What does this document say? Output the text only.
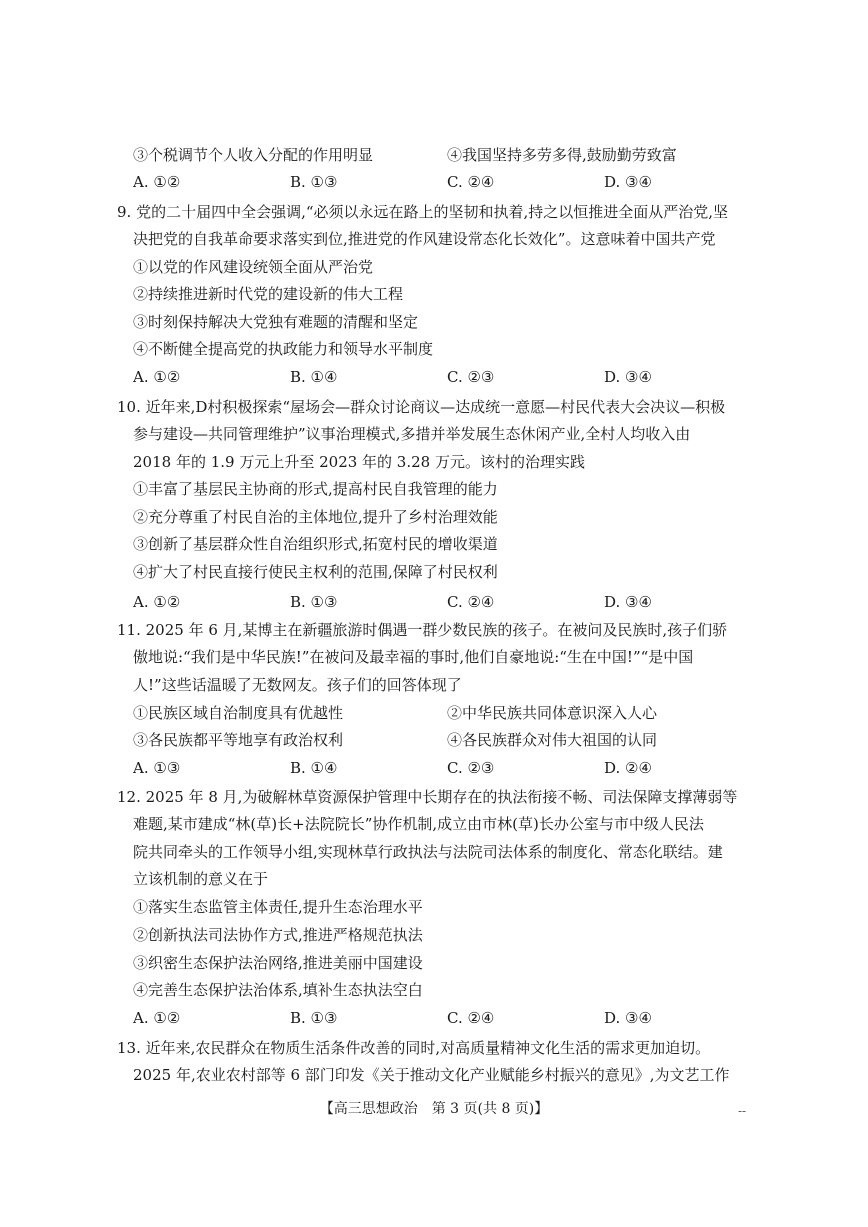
③个税调节个人收入分配的作用明显	④我国坚持多劳多得,鼓励勤劳致富
A. ①②	B. ①③	C. ②④	D. ③④
9. 党的二十届四中全会强调,“必须以永远在路上的坚韧和执着,持之以恒推进全面从严治党,坚
决把党的自我革命要求落实到位,推进党的作风建设常态化长效化”。这意味着中国共产党
①以党的作风建设统领全面从严治党
②持续推进新时代党的建设新的伟大工程
③时刻保持解决大党独有难题的清醒和坚定
④不断健全提高党的执政能力和领导水平制度
A. ①②	B. ①④	C. ②③	D. ③④
10. 近年来,D村积极探索“屋场会—群众讨论商议—达成统一意愿—村民代表大会决议—积极
参与建设—共同管理维护”议事治理模式,多措并举发展生态休闲产业,全村人均收入由
2018 年的 1.9 万元上升至 2023 年的 3.28 万元。该村的治理实践
①丰富了基层民主协商的形式,提高村民自我管理的能力
②充分尊重了村民自治的主体地位,提升了乡村治理效能
③创新了基层群众性自治组织形式,拓宽村民的增收渠道
④扩大了村民直接行使民主权利的范围,保障了村民权利
A. ①②	B. ①③	C. ②④	D. ③④
11. 2025 年 6 月,某博主在新疆旅游时偶遇一群少数民族的孩子。在被问及民族时,孩子们骄
傲地说:“我们是中华民族!”在被问及最幸福的事时,他们自豪地说:“生在中国!”“是中国
人!”这些话温暖了无数网友。孩子们的回答体现了
①民族区域自治制度具有优越性	②中华民族共同体意识深入人心
③各民族都平等地享有政治权利	④各民族群众对伟大祖国的认同
A. ①③	B. ①④	C. ②③	D. ②④
12. 2025 年 8 月,为破解林草资源保护管理中长期存在的执法衔接不畅、司法保障支撑薄弱等
难题,某市建成“林(草)长+法院院长”协作机制,成立由市林(草)长办公室与市中级人民法
院共同牵头的工作领导小组,实现林草行政执法与法院司法体系的制度化、常态化联结。建
立该机制的意义在于
①落实生态监管主体责任,提升生态治理水平
②创新执法司法协作方式,推进严格规范执法
③织密生态保护法治网络,推进美丽中国建设
④完善生态保护法治体系,填补生态执法空白
A. ①②	B. ①③	C. ②④	D. ③④
13. 近年来,农民群众在物质生活条件改善的同时,对高质量精神文化生活的需求更加迫切。
2025 年,农业农村部等 6 部门印发《关于推动文化产业赋能乡村振兴的意见》,为文艺工作
【高三思想政治　第 3 页(共 8 页)】	--
